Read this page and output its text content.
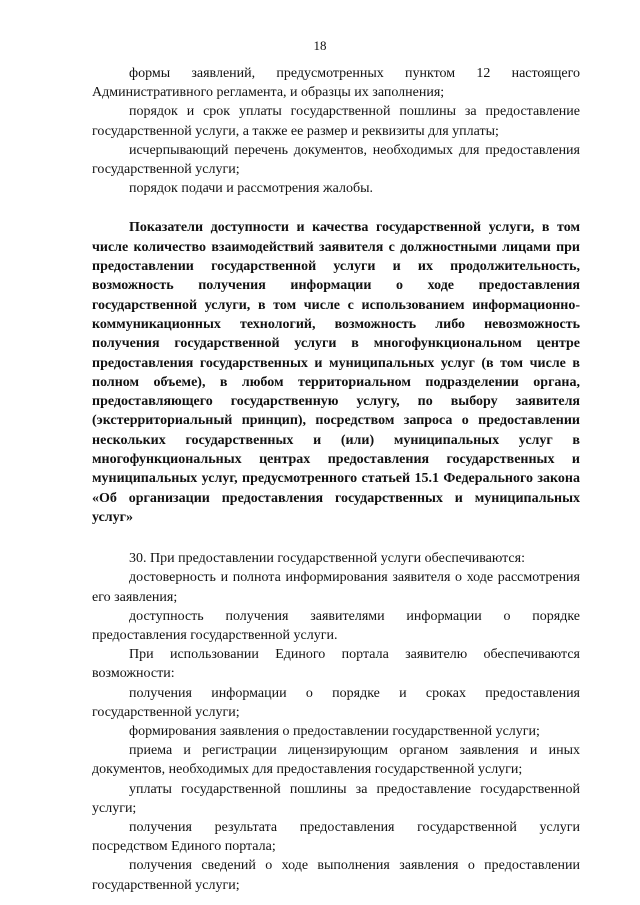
18

формы заявлений, предусмотренных пунктом 12 настоящего Административного регламента, и образцы их заполнения;

порядок и срок уплаты государственной пошлины за предоставление государственной услуги, а также ее размер и реквизиты для уплаты;

исчерпывающий перечень документов, необходимых для предоставления государственной услуги;

порядок подачи и рассмотрения жалобы.

Показатели доступности и качества государственной услуги, в том числе количество взаимодействий заявителя с должностными лицами при предоставлении государственной услуги и их продолжительность, возможность получения информации о ходе предоставления государственной услуги, в том числе с использованием информационно-коммуникационных технологий, возможность либо невозможность получения государственной услуги в многофункциональном центре предоставления государственных и муниципальных услуг (в том числе в полном объеме), в любом территориальном подразделении органа, предоставляющего государственную услугу, по выбору заявителя (экстерриториальный принцип), посредством запроса о предоставлении нескольких государственных и (или) муниципальных услуг в многофункциональных центрах предоставления государственных и муниципальных услуг, предусмотренного статьей 15.1 Федерального закона «Об организации предоставления государственных и муниципальных услуг»

30. При предоставлении государственной услуги обеспечиваются:

достоверность и полнота информирования заявителя о ходе рассмотрения его заявления;

доступность получения заявителями информации о порядке предоставления государственной услуги.

При использовании Единого портала заявителю обеспечиваются возможности:

получения информации о порядке и сроках предоставления государственной услуги;

формирования заявления о предоставлении государственной услуги;

приема и регистрации лицензирующим органом заявления и иных документов, необходимых для предоставления государственной услуги;

уплаты государственной пошлины за предоставление государственной услуги;

получения результата предоставления государственной услуги посредством Единого портала;

получения сведений о ходе выполнения заявления о предоставлении государственной услуги;
